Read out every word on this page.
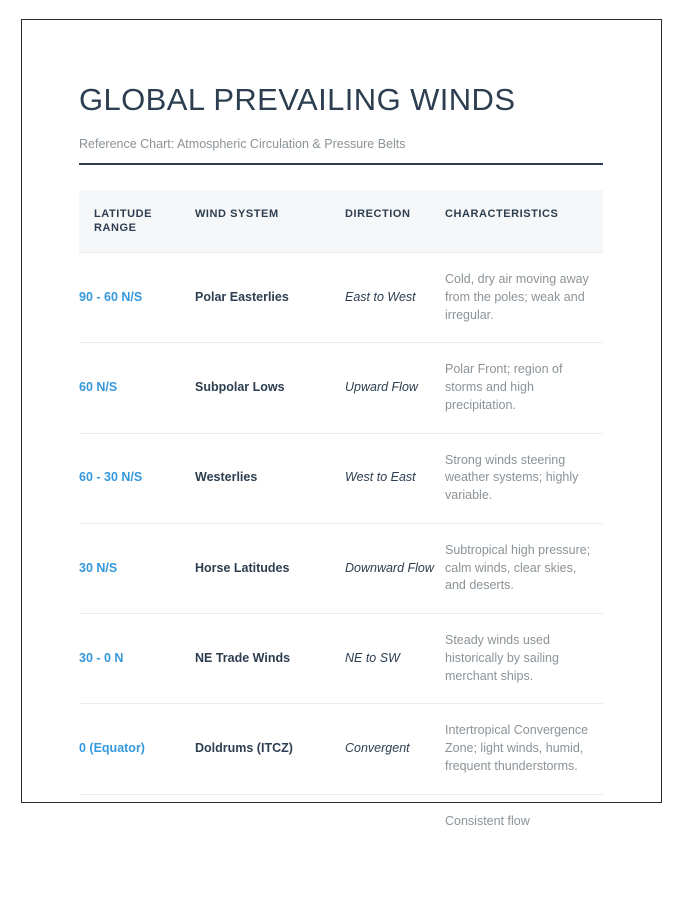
GLOBAL PREVAILING WINDS
Reference Chart: Atmospheric Circulation & Pressure Belts
LATITUDE RANGE	WIND SYSTEM	DIRECTION	CHARACTERISTICS
90 - 60 N/S	Polar Easterlies	East to West	Cold, dry air moving away from the poles; weak and irregular.
60 N/S	Subpolar Lows	Upward Flow	Polar Front; region of storms and high precipitation.
60 - 30 N/S	Westerlies	West to East	Strong winds steering weather systems; highly variable.
30 N/S	Horse Latitudes	Downward Flow	Subtropical high pressure; calm winds, clear skies, and deserts.
30 - 0 N	NE Trade Winds	NE to SW	Steady winds used historically by sailing merchant ships.
0 (Equator)	Doldrums (ITCZ)	Convergent	Intertropical Convergence Zone; light winds, humid, frequent thunderstorms.
			Consistent flow
